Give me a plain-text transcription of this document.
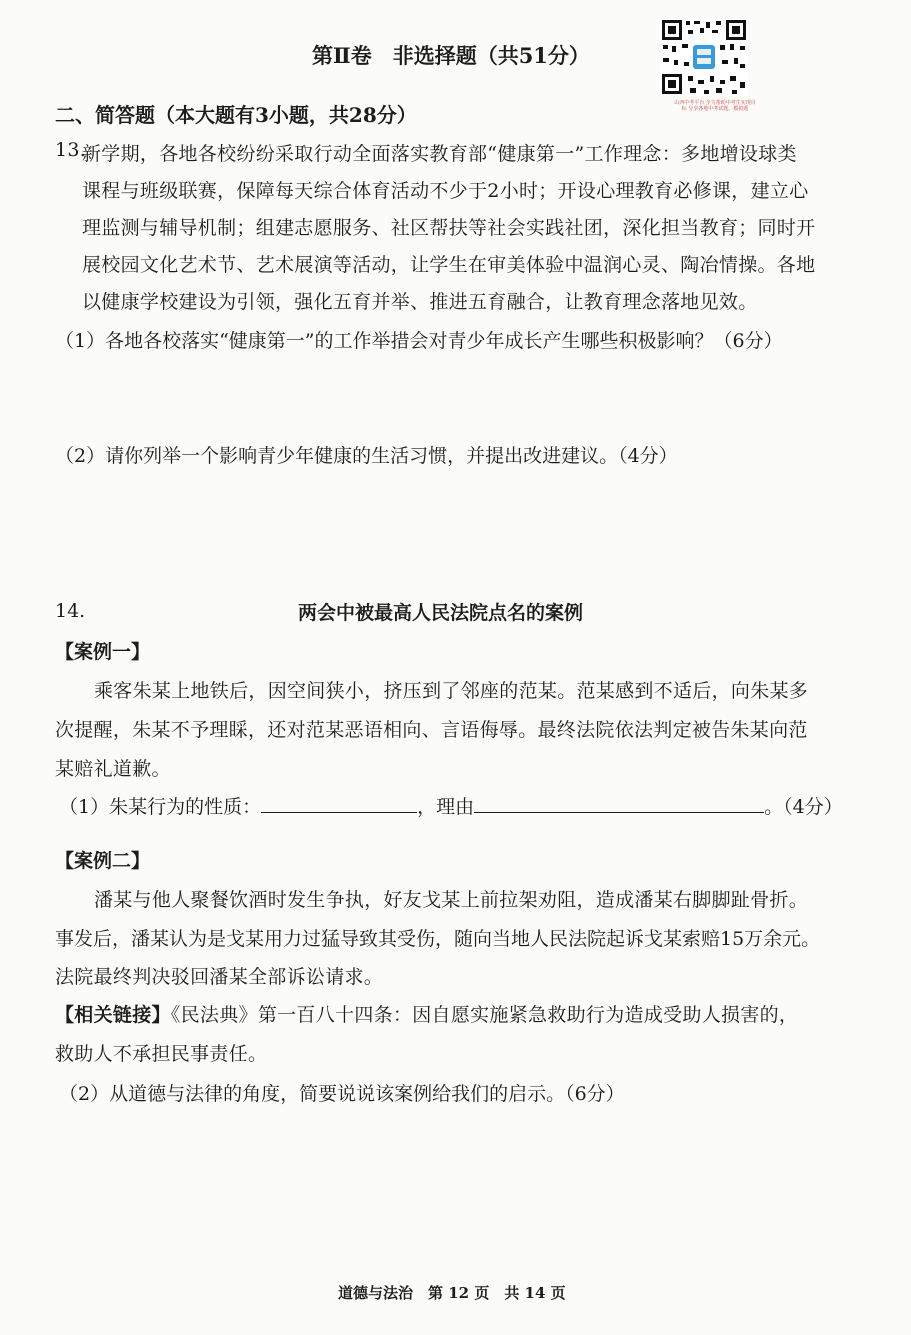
第Ⅱ卷　非选择题（共51分）
山西中考平台 全力帮助中考生实现目标 分享各地中考试题、模拟题
二、简答题（本大题有3小题，共28分）
13.
新学期，各地各校纷纷采取行动全面落实教育部“健康第一”工作理念：多地增设球类
课程与班级联赛，保障每天综合体育活动不少于2小时；开设心理教育必修课，建立心
理监测与辅导机制；组建志愿服务、社区帮扶等社会实践社团，深化担当教育；同时开
展校园文化艺术节、艺术展演等活动，让学生在审美体验中温润心灵、陶冶情操。各地
以健康学校建设为引领，强化五育并举、推进五育融合，让教育理念落地见效。
（1）各地各校落实“健康第一”的工作举措会对青少年成长产生哪些积极影响？（6分）
（2）请你列举一个影响青少年健康的生活习惯，并提出改进建议。（4分）
14.	两会中被最高人民法院点名的案例
【案例一】
乘客朱某上地铁后，因空间狭小，挤压到了邻座的范某。范某感到不适后，向朱某多
次提醒，朱某不予理睬，还对范某恶语相向、言语侮辱。最终法院依法判定被告朱某向范
某赔礼道歉。
（1）朱某行为的性质：	，理由	。（4分）
【案例二】
潘某与他人聚餐饮酒时发生争执，好友戈某上前拉架劝阻，造成潘某右脚脚趾骨折。
事发后，潘某认为是戈某用力过猛导致其受伤，随向当地人民法院起诉戈某索赔15万余元。
法院最终判决驳回潘某全部诉讼请求。
【相关链接】《民法典》第一百八十四条：因自愿实施紧急救助行为造成受助人损害的，
救助人不承担民事责任。
（2）从道德与法律的角度，简要说说该案例给我们的启示。（6分）
道德与法治　第 12 页　共 14 页
